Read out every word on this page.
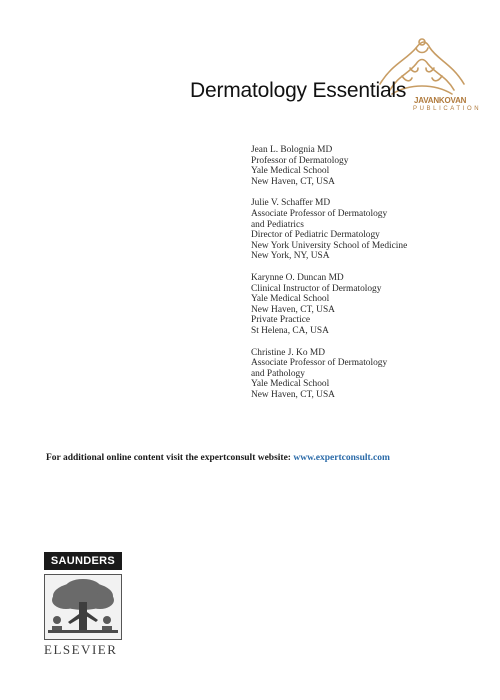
JAVANKOVAN
PUBLICATION
Dermatology Essentials
Jean L. Bolognia MD
Professor of Dermatology
Yale Medical School
New Haven, CT, USA
Julie V. Schaffer MD
Associate Professor of Dermatology
and Pediatrics
Director of Pediatric Dermatology
New York University School of Medicine
New York, NY, USA
Karynne O. Duncan MD
Clinical Instructor of Dermatology
Yale Medical School
New Haven, CT, USA
Private Practice
St Helena, CA, USA
Christine J. Ko MD
Associate Professor of Dermatology
and Pathology
Yale Medical School
New Haven, CT, USA
For additional online content visit the expertconsult website: www.expertconsult.com
SAUNDERS
ELSEVIER
